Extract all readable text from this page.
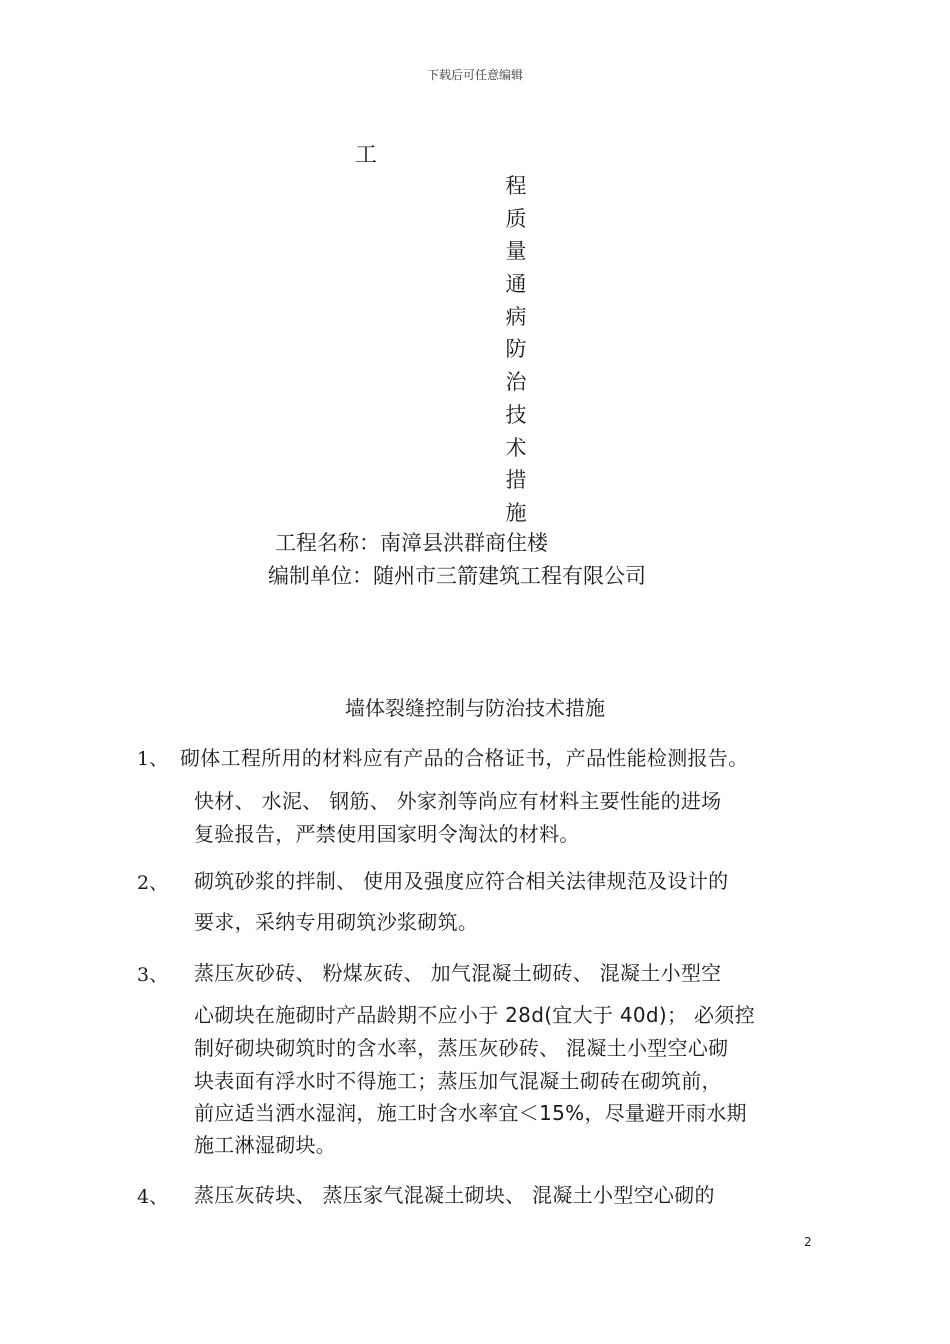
下载后可任意编辑
工
程
质
量
通
病
防
治
技
术
措
施
工程名称：南漳县洪群商住楼
编制单位：随州市三箭建筑工程有限公司
墙体裂缝控制与防治技术措施
1、 砌体工程所用的材料应有产品的合格证书，产品性能检测报告。
快材、 水泥、 钢筋、 外家剂等尚应有材料主要性能的进场
复验报告，严禁使用国家明令淘汰的材料。
2、 砌筑砂浆的拌制、 使用及强度应符合相关法律规范及设计的
要求，采纳专用砌筑沙浆砌筑。
3、 蒸压灰砂砖、 粉煤灰砖、 加气混凝土砌砖、 混凝土小型空
心砌块在施砌时产品龄期不应小于 28d(宜大于 40d)； 必须控
制好砌块砌筑时的含水率，蒸压灰砂砖、 混凝土小型空心砌
块表面有浮水时不得施工；蒸压加气混凝土砌砖在砌筑前，
前应适当洒水湿润，施工时含水率宜＜15%，尽量避开雨水期
施工淋湿砌块。
4、 蒸压灰砖块、 蒸压家气混凝土砌块、 混凝土小型空心砌的
2
